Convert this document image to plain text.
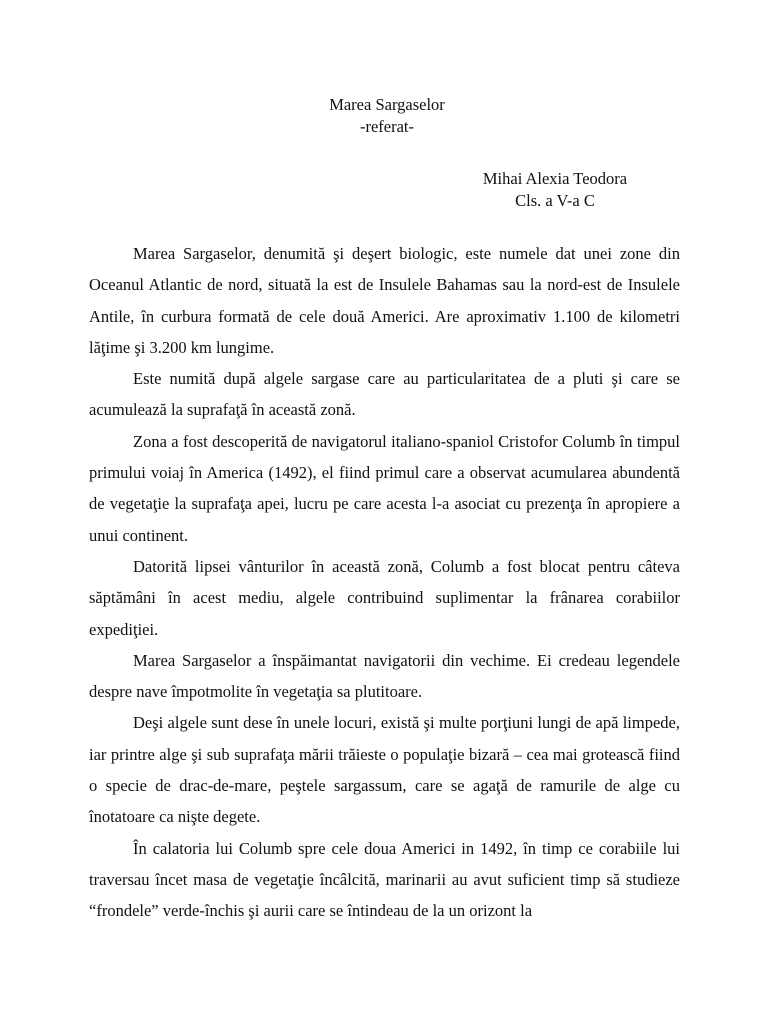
Marea Sargaselor
-referat-
Mihai Alexia Teodora
Cls. a V-a C

Marea Sargaselor, denumită şi deşert biologic, este numele dat unei zone din Oceanul Atlantic de nord, situată la est de Insulele Bahamas sau la nord-est de Insulele Antile, în curbura formată de cele două Americi. Are aproximativ 1.100 de kilometri lăţime şi 3.200 km lungime.

Este numită după algele sargase care au particularitatea de a pluti şi care se acumulează la suprafaţă în această zonă.

Zona a fost descoperită de navigatorul italiano-spaniol Cristofor Columb în timpul primului voiaj în America (1492), el fiind primul care a observat acumularea abundentă de vegetaţie la suprafaţa apei, lucru pe care acesta l-a asociat cu prezenţa în apropiere a unui continent.

Datorită lipsei vânturilor în această zonă, Columb a fost blocat pentru câteva săptămâni în acest mediu, algele contribuind suplimentar la frânarea corabiilor expediţiei.

Marea Sargaselor a înspăimantat navigatorii din vechime. Ei credeau legendele despre nave împotmolite în vegetaţia sa plutitoare.

Deşi algele sunt dese în unele locuri, există şi multe porţiuni lungi de apă limpede, iar printre alge şi sub suprafaţa mării trăieste o populaţie bizară – cea mai grotească fiind o specie de drac-de-mare, peştele sargassum, care se agaţă de ramurile de alge cu înotatoare ca nişte degete.

În calatoria lui Columb spre cele doua Americi in 1492, în timp ce corabiile lui traversau încet masa de vegetaţie încâlcită, marinarii au avut suficient timp să studieze “frondele” verde-închis şi aurii care se întindeau de la un orizont la
